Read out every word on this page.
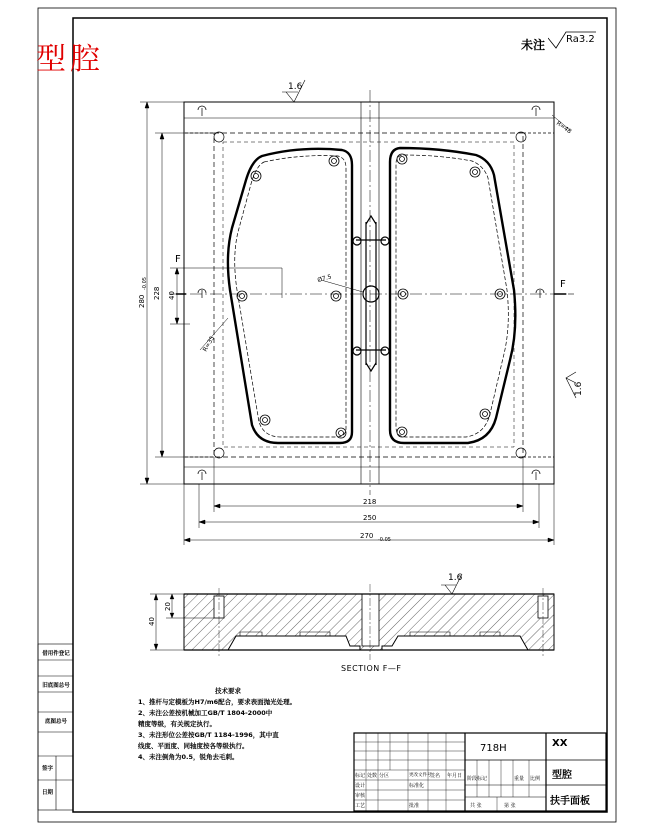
1.6
218
250
270 -0.05
280
-0.05
228 40
R=35
R=48
Ø7.5
F
F
1.6
1.6
40
20
型腔	未注 Ra3.2
SECTION F—F
技术要求
1、推杆与定模板为H7/m6配合，要求表面抛光处理。
2、未注公差按机械加工GB/T 1804-2000中
精度等级，有关规定执行。
3、未注形位公差按GB/T 1184-1996，其中直
线度、平面度、同轴度按各等级执行。
4、未注倒角为0.5，锐角去毛刺。
借用件登记
旧底图总号
底图总号
签字
日期
718H	XX
型腔
扶手面板
标记 处数 分区	更改文件号
签名 年月日
设计	标准化
审核
工艺	批准
阶段标记	重量 比例
共 张	第 张
